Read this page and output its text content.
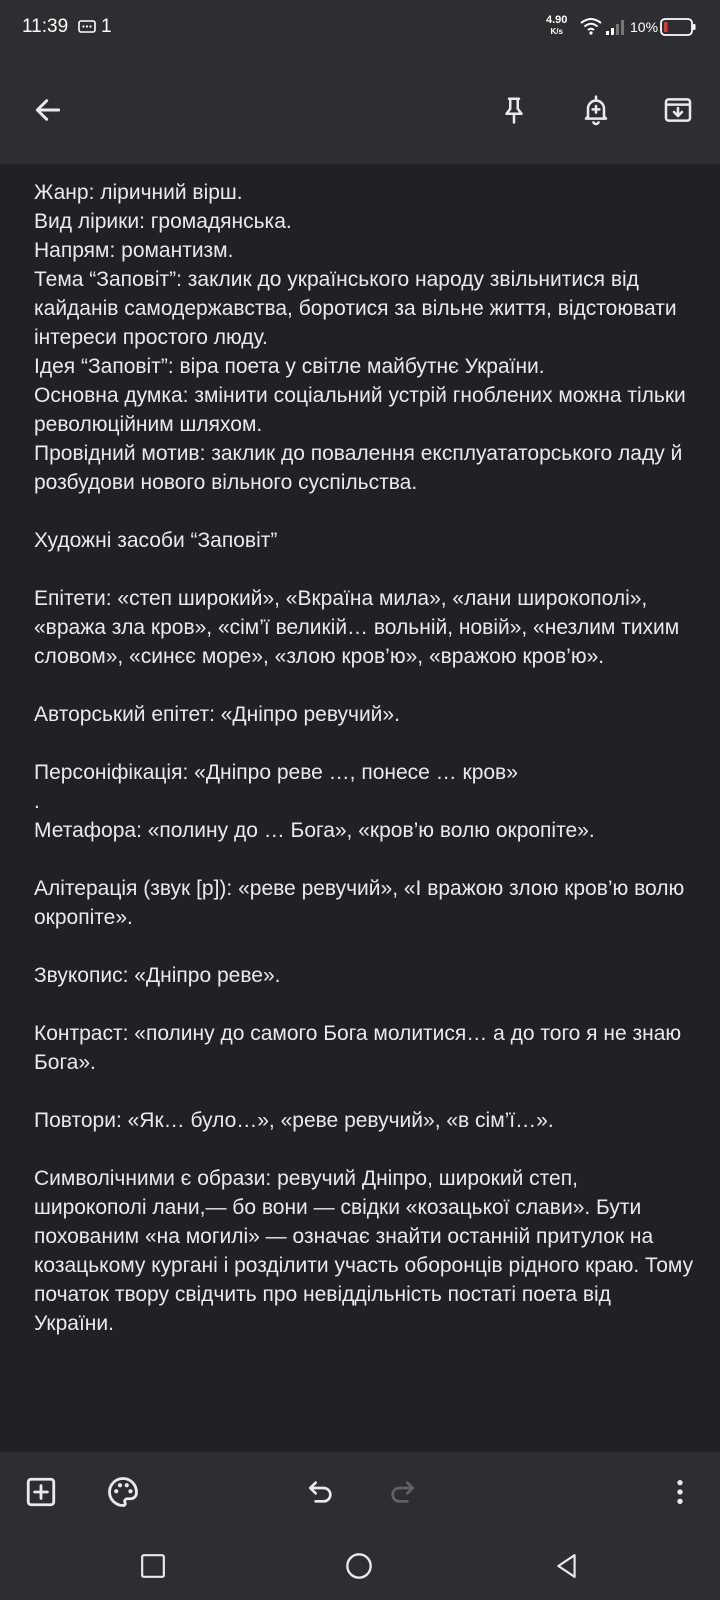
11:39 1	4.90
K/s	10%
Жанр: ліричний вірш.
Вид лірики: громадянська.
Напрям: романтизм.
Тема “Заповіт”: заклик до українського народу звільнитися від кайданів самодержавства, боротися за вільне життя, відстоювати інтереси простого люду.
Ідея “Заповіт”: віра поета у світле майбутнє України.
Основна думка: змінити соціальний устрій гноблених можна тільки революційним шляхом.
Провідний мотив: заклик до повалення експлуататорського ладу й розбудови нового вільного суспільства.

Художні засоби “Заповіт”

Епітети: «степ широкий», «Вкраїна мила», «лани широкополі», «вража зла кров», «сім’ї великій… вольній, новій», «незлим тихим словом», «синєє море», «злою кров’ю», «вражою кров’ю».

Авторський епітет: «Дніпро ревучий».

Персоніфікація: «Дніпро реве …, понесе … кров»
.
Метафора: «полину до … Бога», «кров’ю волю окропіте».

Алітерація (звук [р]): «реве ревучий», «І вражою злою кров’ю волю окропіте».

Звукопис: «Дніпро реве».

Контраст: «полину до самого Бога молитися… а до того я не знаю Бога».

Повтори: «Як… було…», «реве ревучий», «в сім’ї…».

Символічними є образи: ревучий Дніпро, широкий степ, широкополі лани,— бо вони — свідки «козацької слави». Бути похованим «на могилі» — означає знайти останній притулок на козацькому кургані і розділити участь оборонців рідного краю. Тому початок твору свідчить про невіддільність постаті поета від України.
